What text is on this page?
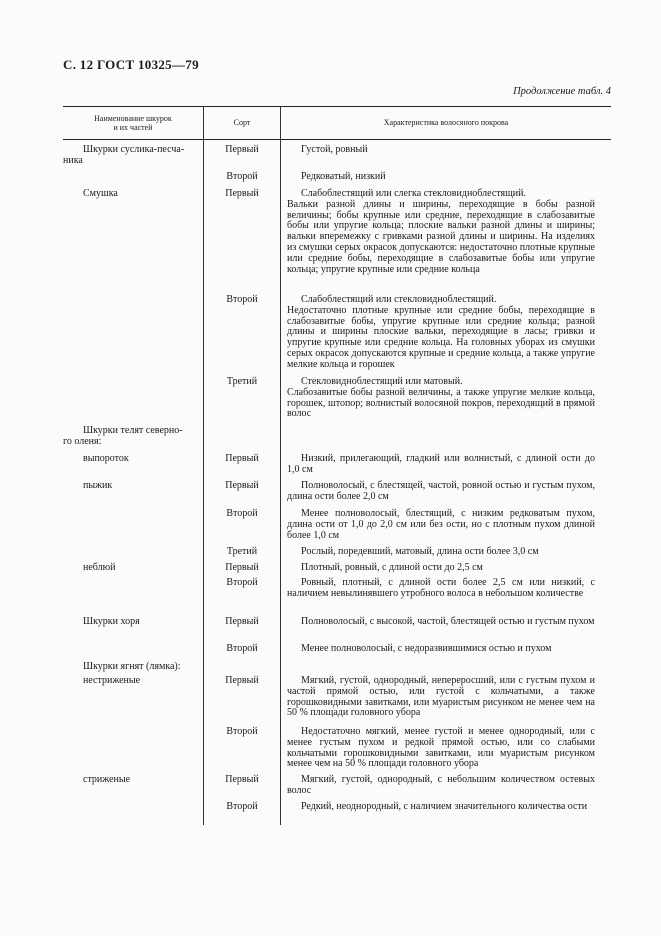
С. 12 ГОСТ 10325—79
Продолжение табл. 4
Наименование шкурок
и их частей
Сорт	Характеристика волосяного покрова
Шкурки суслика-песча-
ника
Первый	Густой, ровный
Второй	Редковатый, низкий
Смушка	Первый	Слабоблестящий или слегка стекловиднoблестящий.
Вальки разной длины и ширины, переходящие в бобы разной величины; бобы крупные или средние, переходящие в слабозавитые бобы или упругие кольца; плоские вальки разной длины и ширины; вальки вперемежку с гривками разной длины и ширины. На изделиях из смушки серых окрасок допускаются: недостаточно плотные крупные или средние бобы, переходящие в слабозавитые бобы или упругие кольца; упругие крупные или средние кольца
Второй	Слабоблестящий или стекловиднoблестящий.
Недостаточно плотные крупные или средние бобы, переходящие в слабозавитые бобы, упругие крупные или средние кольца; разной длины и ширины плоские вальки, переходящие в ласы; гривки и упругие крупные или средние кольца. На головных уборах из смушки серых окрасок допускаются крупные и средние кольца, а также упругие мелкие кольца и горошек
Третий	Стекловиднoблестящий или матовый.
Слабозавитые бобы разной величины, а также упругие мелкие кольца, горошек, штопор; волнистый волосяной покров, переходящий в прямой волос
Шкурки телят северно-
го оленя:
выпороток	Первый	Низкий, прилегающий, гладкий или волнистый, с длиной ости до 1,0 см
пыжик	Первый	Полноволосый, с блестящей, частой, ровной остью и густым пухом, длина ости более 2,0 см
Второй	Менее полноволосый, блестящий, с низким редковатым пухом, длина ости от 1,0 до 2,0 см или без ости, но с плотным пухом длиной более 1,0 см
Третий	Рослый, поредевший, матовый, длина ости более 3,0 см
неблюй	Первый	Плотный, ровный, с длиной ости до 2,5 см
Второй	Ровный, плотный, с длиной ости более 2,5 см или низкий, с наличием невылинявшего утробного волоса в небольшом количестве
Шкурки хоря	Первый	Полноволосый, с высокой, частой, блестящей остью и густым пухом
Второй	Менее полноволосый, с недоразвившимися остью и пухом
Шкурки ягнят (лямка):
нестриженые	Первый	Мягкий, густой, однородный, непереросший, или с густым пухом и частой прямой остью, или густой с кольчатыми, а также горошковидными завитками, или муаристым рисунком не менее чем на 50 % площади головного убора
Второй	Недостаточно мягкий, менее густой и менее однородный, или с менее густым пухом и редкой прямой остью, или со слабыми кольчатыми горошковидными завитками, или муаристым рисунком менее чем на 50 % площади головного убора
стриженые	Первый	Мягкий, густой, однородный, с небольшим количеством остевых волос
Второй	Редкий, неоднородный, с наличием значительного количества ости
